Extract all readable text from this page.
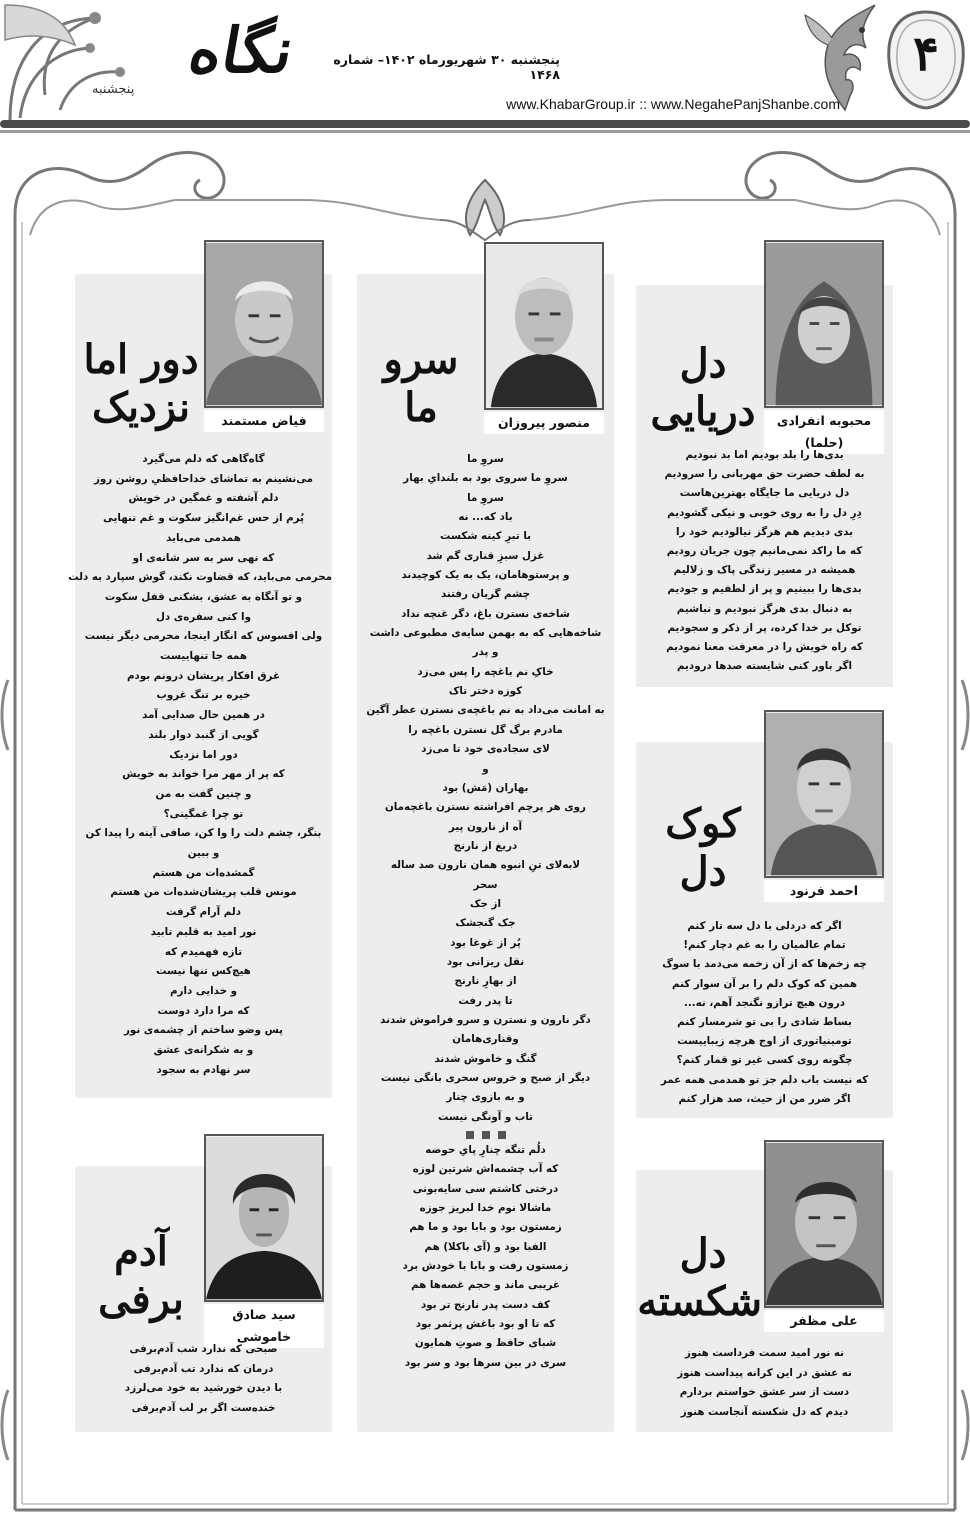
نگاه
پنجشنبه
پنجشنبه ۳۰ شهریورماه ۱۴۰۲– شماره ۱۴۶۸
www.KhabarGroup.ir :: www.NegahePanjShanbe.com
۴
محبوبه انفرادی (حلما)
دل
دریایی
بدی‌ها را بلد بودیم اما بد نبودیم
به لطف حضرت حق مهربانی را سرودیم
دل دریایی ما جایگاه بهترین‌هاست
دِرِ دل را به روی خوبی و نیکی گشودیم
بدی دیدیم هم هرگز نیالودیم خود را
که ما راکد نمی‌مانیم چون جریان رودیم
همیشه در مسیر زندگی پاک و زلالیم
بدی‌ها را ببینیم و پر از لطفیم و جودیم
به دنبال بدی هرگز نبودیم و نباشیم
توکل بر خدا کرده، پر از ذکر و سجودیم
که راه خویش را در معرفت معنا نمودیم
اگر باور کنی شایسته صدها درودیم
احمد فرنود
کوک
دل
اگر که دردلی با دل سه تار کنم
تمام عالمیان را به غم دچار کنم!
چه زخم‌ها که از آن زخمه می‌دمد با سوگ
همین که کوک دلم را بر آن سوار کنم
درون هیچ ترازو نگنجد آهم، نه...
بساط شادی را بی تو شرمسار کنم
تومینیاتوری از اوج هرچه زیباییست
چگونه روی کسی غیر تو قمار کنم؟
که نیست باب دلم جز تو همدمی همه عمر
اگر ضرر من از حیث، صد هزار کنم
علی مظفر
دل
شکسته
نه نور امید سمت فرداست هنوز
نه عشق در این کرانه پیداست هنوز
دست از سر عشق خواستم بردارم
دیدم که دل شکسته آنجاست هنوز
منصور پیروزان
سرو
ما
سروِ ما
سروِ ما سروی بود به بلندایِ بهار
سروِ ما
باد که... نه
با تبرِ کینه شکست
غزل سبزِ قناری گم شد
و پرستوهامان، یک به یک کوچیدند
چشم گریان رفتند
شاخه‌ی نسترن باغ، دگر غنچه نداد
شاخه‌هایی که به بهمن سایه‌ی مطبوعی داشت
و پدر
خاکِ نم باغچه را پس می‌زد
کوزه دختر تاک
به امانت می‌داد به نم باغچه‌ی نسترن عطر آگین
مادرم برگ گل نسترن باغچه را
لای سجاده‌ی خود تا می‌زد
و
بهاران (مَش) بود
روی هر پرچم افراشته نسترن باغچه‌مان
آه از نارون پیر
دریغ از نارنج
لابه‌لای تنِ انبوه همان نارون صد ساله
سحر
از جک
جک گنجشک
پُر از غوغا بود
نقل ریزانی بود
از بهارِ نارنج
تا پدر رفت
دگر نارون و نسترن و سرو فراموش شدند
وقناری‌هامان
گنگ و خاموش شدند
دیگر از صبح و خروس سحری بانگی نیست
و به بازوی چنار
تاب و آونگی نیست
دلُم تنگه چنارِ پایِ حوضه
که آب چشمه‌اش شرتین لوزه
درختی کاشتم سی سایه‌بونی
ماشالا نوم خدا لبریز جوزه
زمستون بود و بابا بود و ما هم
الفبا بود و (آی باکلا) هم
زمستون رفت و بابا با خودش برد
غریبی ماند و حجم غصه‌ها هم
کف دست پدر نارنج تر بود
که تا او بود باغش پرثمر بود
شبای حافظ و صوتِ همایون
سری در بین سرها بود و سر بود
فیاض مستمند
دور اما
نزدیک
گاه‌گاهی که دلم می‌گیرد
می‌نشینم به تماشای خداحافظیِ روشن روز
دلم آشفته و غمگین در خویش
پُرم از حس غم‌انگیز سکوت و غم تنهایی
همدمی می‌باید
که نهی سر به سر شانه‌ی او
محرمی می‌باید، که قضاوت نکند، گوش سپارد به دلت
و تو آنگاه به عشق، بشکنی قفل سکوت
وا کنی سفره‌ی دل
ولی افسوس که انگار اینجا، محرمی دیگر نیست
همه جا تنهاییست
غرق افکار پریشان درونم بودم
خیره بر تنگ غروب
در همین حال صدایی آمد
گویی از گنبد دوار بلند
دور اما نزدیک
که پر از مهر مرا خواند به خویش
و چنین گفت به من
تو چرا غمگینی؟
بنگر، چشم دلت را وا کن، صافی آینه را پیدا کن
و ببین
گمشده‌ات من هستم
مونس قلب پریشان‌شده‌ات من هستم
دلم آرام گرفت
نور امید به قلبم تابید
تازه فهمیدم که
هیچ‌کس تنها نیست
و خدایی دارم
که مرا دارد دوست
پس وضو ساختم از چشمه‌ی نور
و به شکرانه‌ی عشق
سر نهادم به سجود
سید صادق خاموشی
آدم
برفی
صبحی که ندارد شب آدم‌برفی
درمان که ندارد تب آدم‌برفی
با دیدن خورشید به خود می‌لرزد
خنده‌ست اگر بر لب آدم‌برفی
